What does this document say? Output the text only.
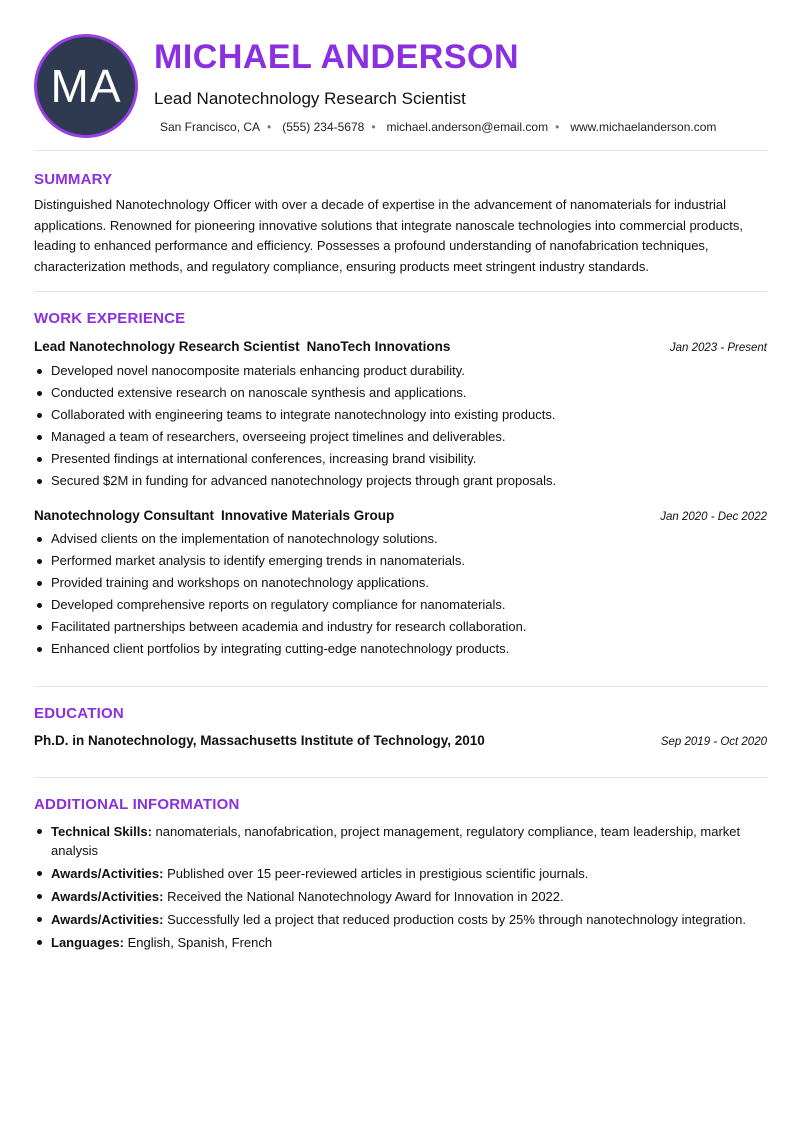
MA
MICHAEL ANDERSON
Lead Nanotechnology Research Scientist
San Francisco, CA • (555) 234-5678 • michael.anderson@email.com • www.michaelanderson.com
SUMMARY
Distinguished Nanotechnology Officer with over a decade of expertise in the advancement of nanomaterials for industrial applications. Renowned for pioneering innovative solutions that integrate nanoscale technologies into commercial products, leading to enhanced performance and efficiency. Possesses a profound understanding of nanofabrication techniques, characterization methods, and regulatory compliance, ensuring products meet stringent industry standards.
WORK EXPERIENCE
Lead Nanotechnology Research Scientist NanoTech Innovations	Jan 2023 - Present
Developed novel nanocomposite materials enhancing product durability.
Conducted extensive research on nanoscale synthesis and applications.
Collaborated with engineering teams to integrate nanotechnology into existing products.
Managed a team of researchers, overseeing project timelines and deliverables.
Presented findings at international conferences, increasing brand visibility.
Secured $2M in funding for advanced nanotechnology projects through grant proposals.
Nanotechnology Consultant Innovative Materials Group	Jan 2020 - Dec 2022
Advised clients on the implementation of nanotechnology solutions.
Performed market analysis to identify emerging trends in nanomaterials.
Provided training and workshops on nanotechnology applications.
Developed comprehensive reports on regulatory compliance for nanomaterials.
Facilitated partnerships between academia and industry for research collaboration.
Enhanced client portfolios by integrating cutting-edge nanotechnology products.
EDUCATION
Ph.D. in Nanotechnology, Massachusetts Institute of Technology, 2010	Sep 2019 - Oct 2020
ADDITIONAL INFORMATION
Technical Skills: nanomaterials, nanofabrication, project management, regulatory compliance, team leadership, market analysis
Awards/Activities: Published over 15 peer-reviewed articles in prestigious scientific journals.
Awards/Activities: Received the National Nanotechnology Award for Innovation in 2022.
Awards/Activities: Successfully led a project that reduced production costs by 25% through nanotechnology integration.
Languages: English, Spanish, French
